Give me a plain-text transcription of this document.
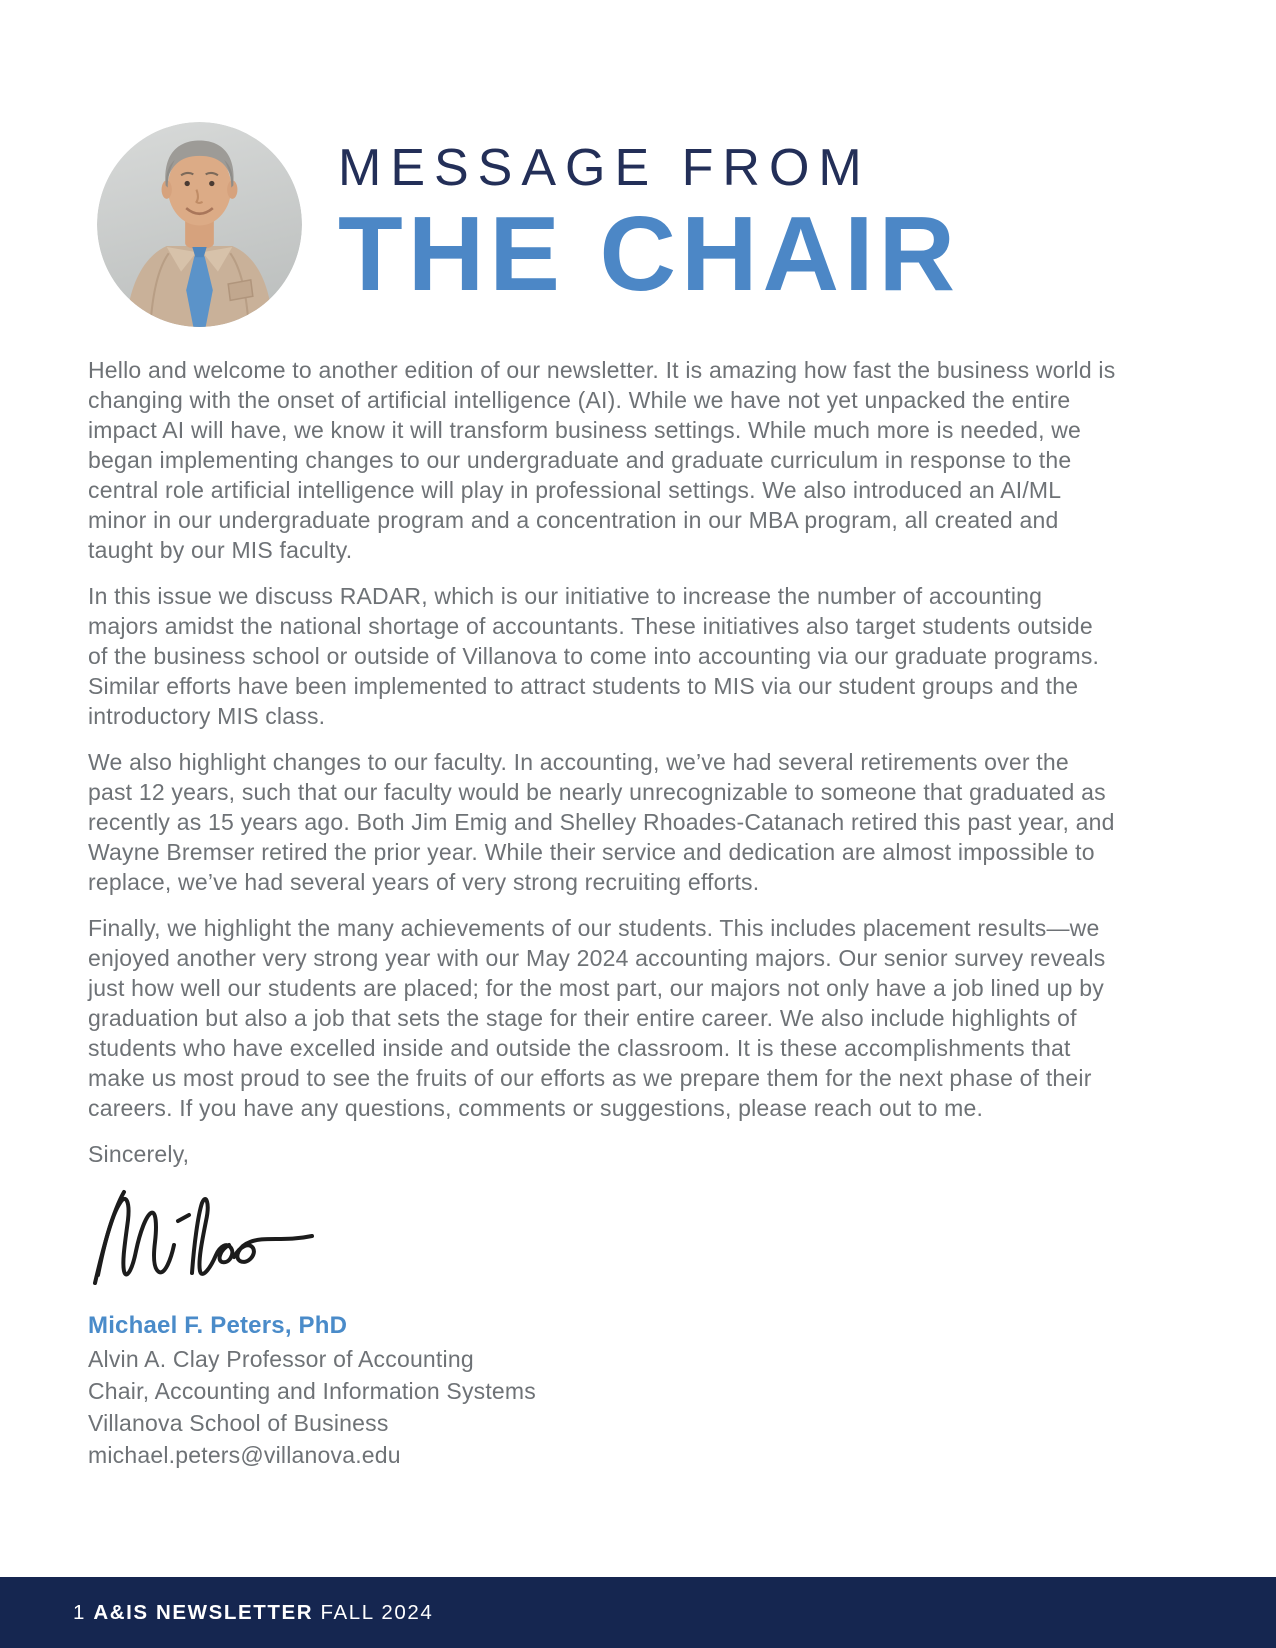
MESSAGE FROM
THE CHAIR

Hello and welcome to another edition of our newsletter. It is amazing how fast the business world is changing with the onset of artificial intelligence (AI). While we have not yet unpacked the entire impact AI will have, we know it will transform business settings. While much more is needed, we began implementing changes to our undergraduate and graduate curriculum in response to the central role artificial intelligence will play in professional settings. We also introduced an AI/ML minor in our undergraduate program and a concentration in our MBA program, all created and taught by our MIS faculty.

In this issue we discuss RADAR, which is our initiative to increase the number of accounting majors amidst the national shortage of accountants. These initiatives also target students outside of the business school or outside of Villanova to come into accounting via our graduate programs. Similar efforts have been implemented to attract students to MIS via our student groups and the introductory MIS class.

We also highlight changes to our faculty. In accounting, we’ve had several retirements over the past 12 years, such that our faculty would be nearly unrecognizable to someone that graduated as recently as 15 years ago. Both Jim Emig and Shelley Rhoades-Catanach retired this past year, and Wayne Bremser retired the prior year. While their service and dedication are almost impossible to replace, we’ve had several years of very strong recruiting efforts.

Finally, we highlight the many achievements of our students. This includes placement results—we enjoyed another very strong year with our May 2024 accounting majors. Our senior survey reveals just how well our students are placed; for the most part, our majors not only have a job lined up by graduation but also a job that sets the stage for their entire career. We also include highlights of students who have excelled inside and outside the classroom. It is these accomplishments that make us most proud to see the fruits of our efforts as we prepare them for the next phase of their careers. If you have any questions, comments or suggestions, please reach out to me.

Sincerely,

Michael F. Peters, PhD
Alvin A. Clay Professor of Accounting
Chair, Accounting and Information Systems
Villanova School of Business
michael.peters@villanova.edu
1
A&IS NEWSLETTER
FALL 2024
